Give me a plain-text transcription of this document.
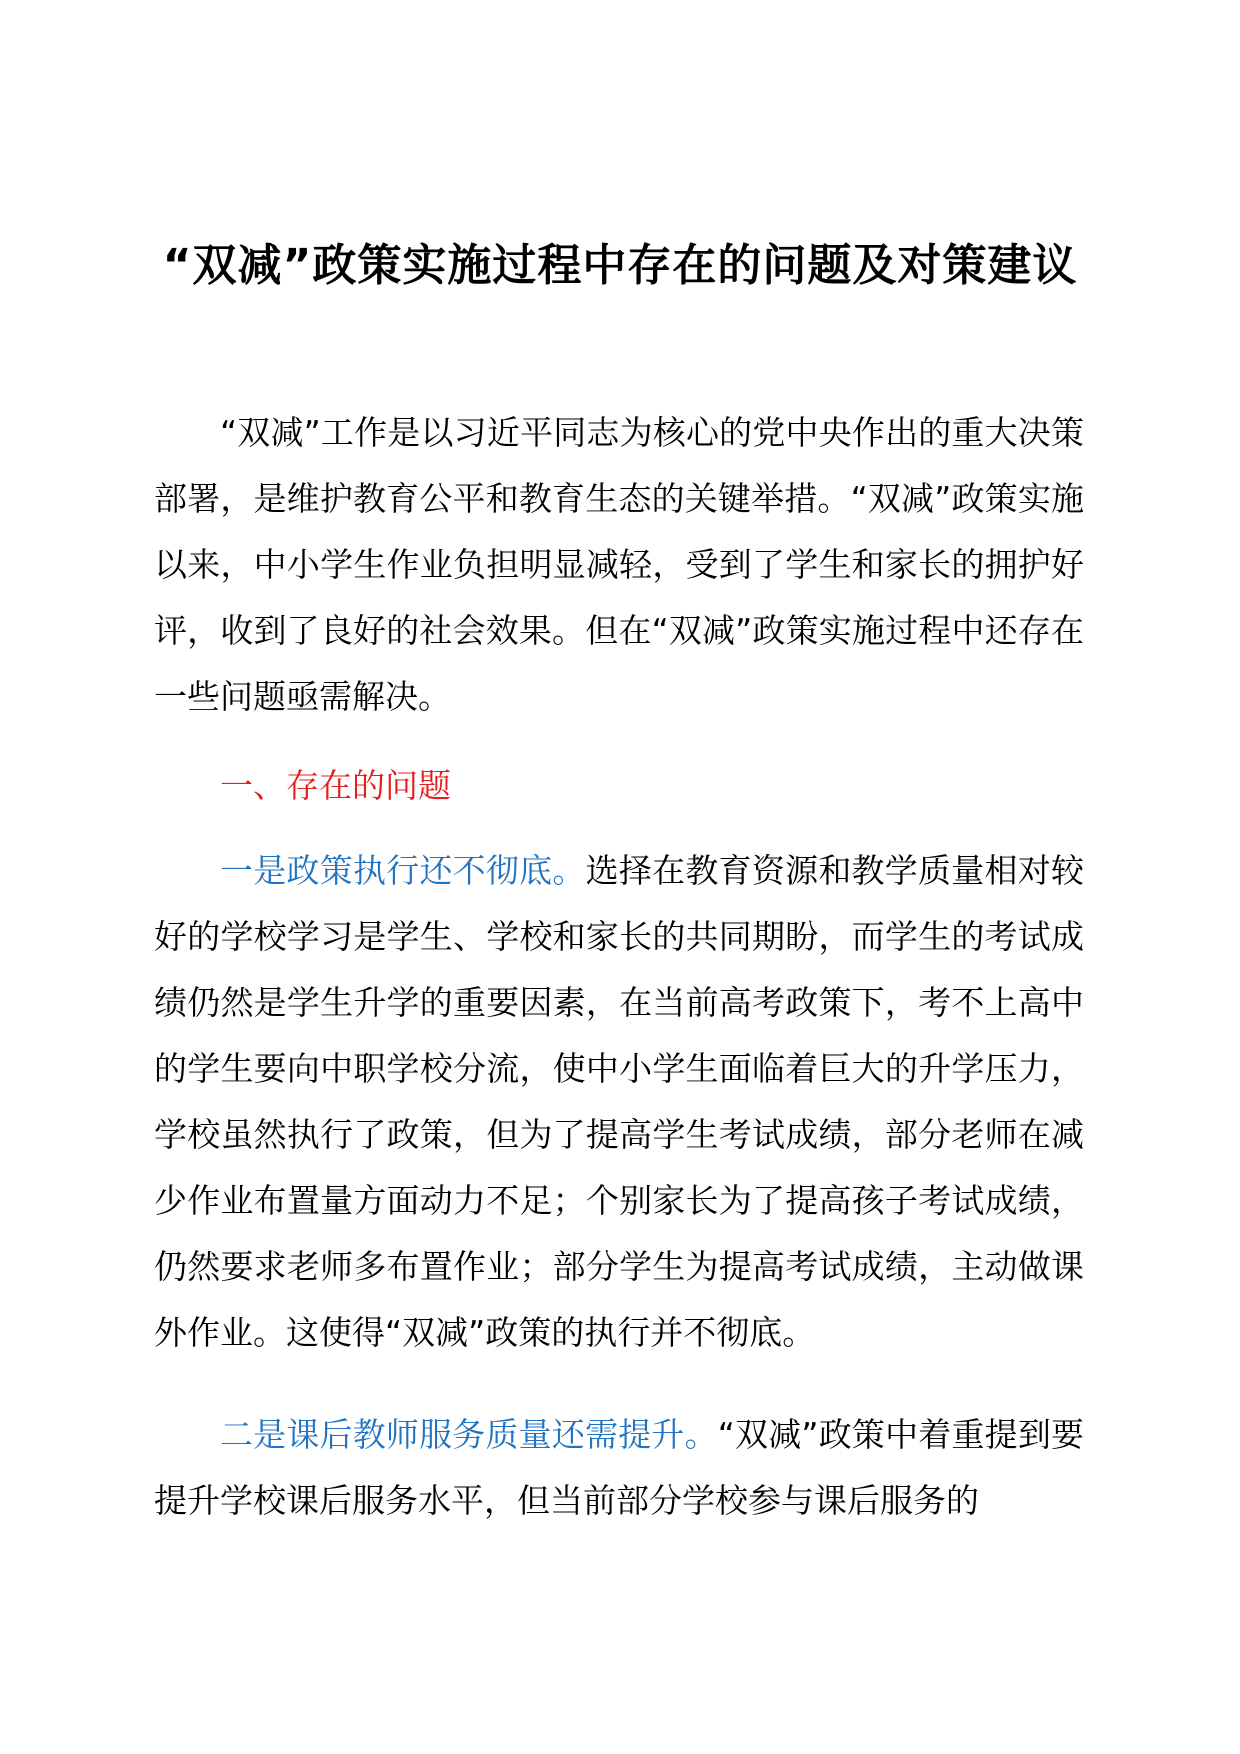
“双减”政策实施过程中存在的问题及对策建议

“双减”工作是以习近平同志为核心的党中央作出的重大决策部署，是维护教育公平和教育生态的关键举措。“双减”政策实施以来，中小学生作业负担明显减轻，受到了学生和家长的拥护好评，收到了良好的社会效果。但在“双减”政策实施过程中还存在一些问题亟需解决。

一、存在的问题

一是政策执行还不彻底。选择在教育资源和教学质量相对较好的学校学习是学生、学校和家长的共同期盼，而学生的考试成绩仍然是学生升学的重要因素，在当前高考政策下，考不上高中的学生要向中职学校分流，使中小学生面临着巨大的升学压力，学校虽然执行了政策，但为了提高学生考试成绩，部分老师在减少作业布置量方面动力不足；个别家长为了提高孩子考试成绩，仍然要求老师多布置作业；部分学生为提高考试成绩，主动做课外作业。这使得“双减”政策的执行并不彻底。

二是课后教师服务质量还需提升。“双减”政策中着重提到要提升学校课后服务水平，但当前部分学校参与课后服务的
